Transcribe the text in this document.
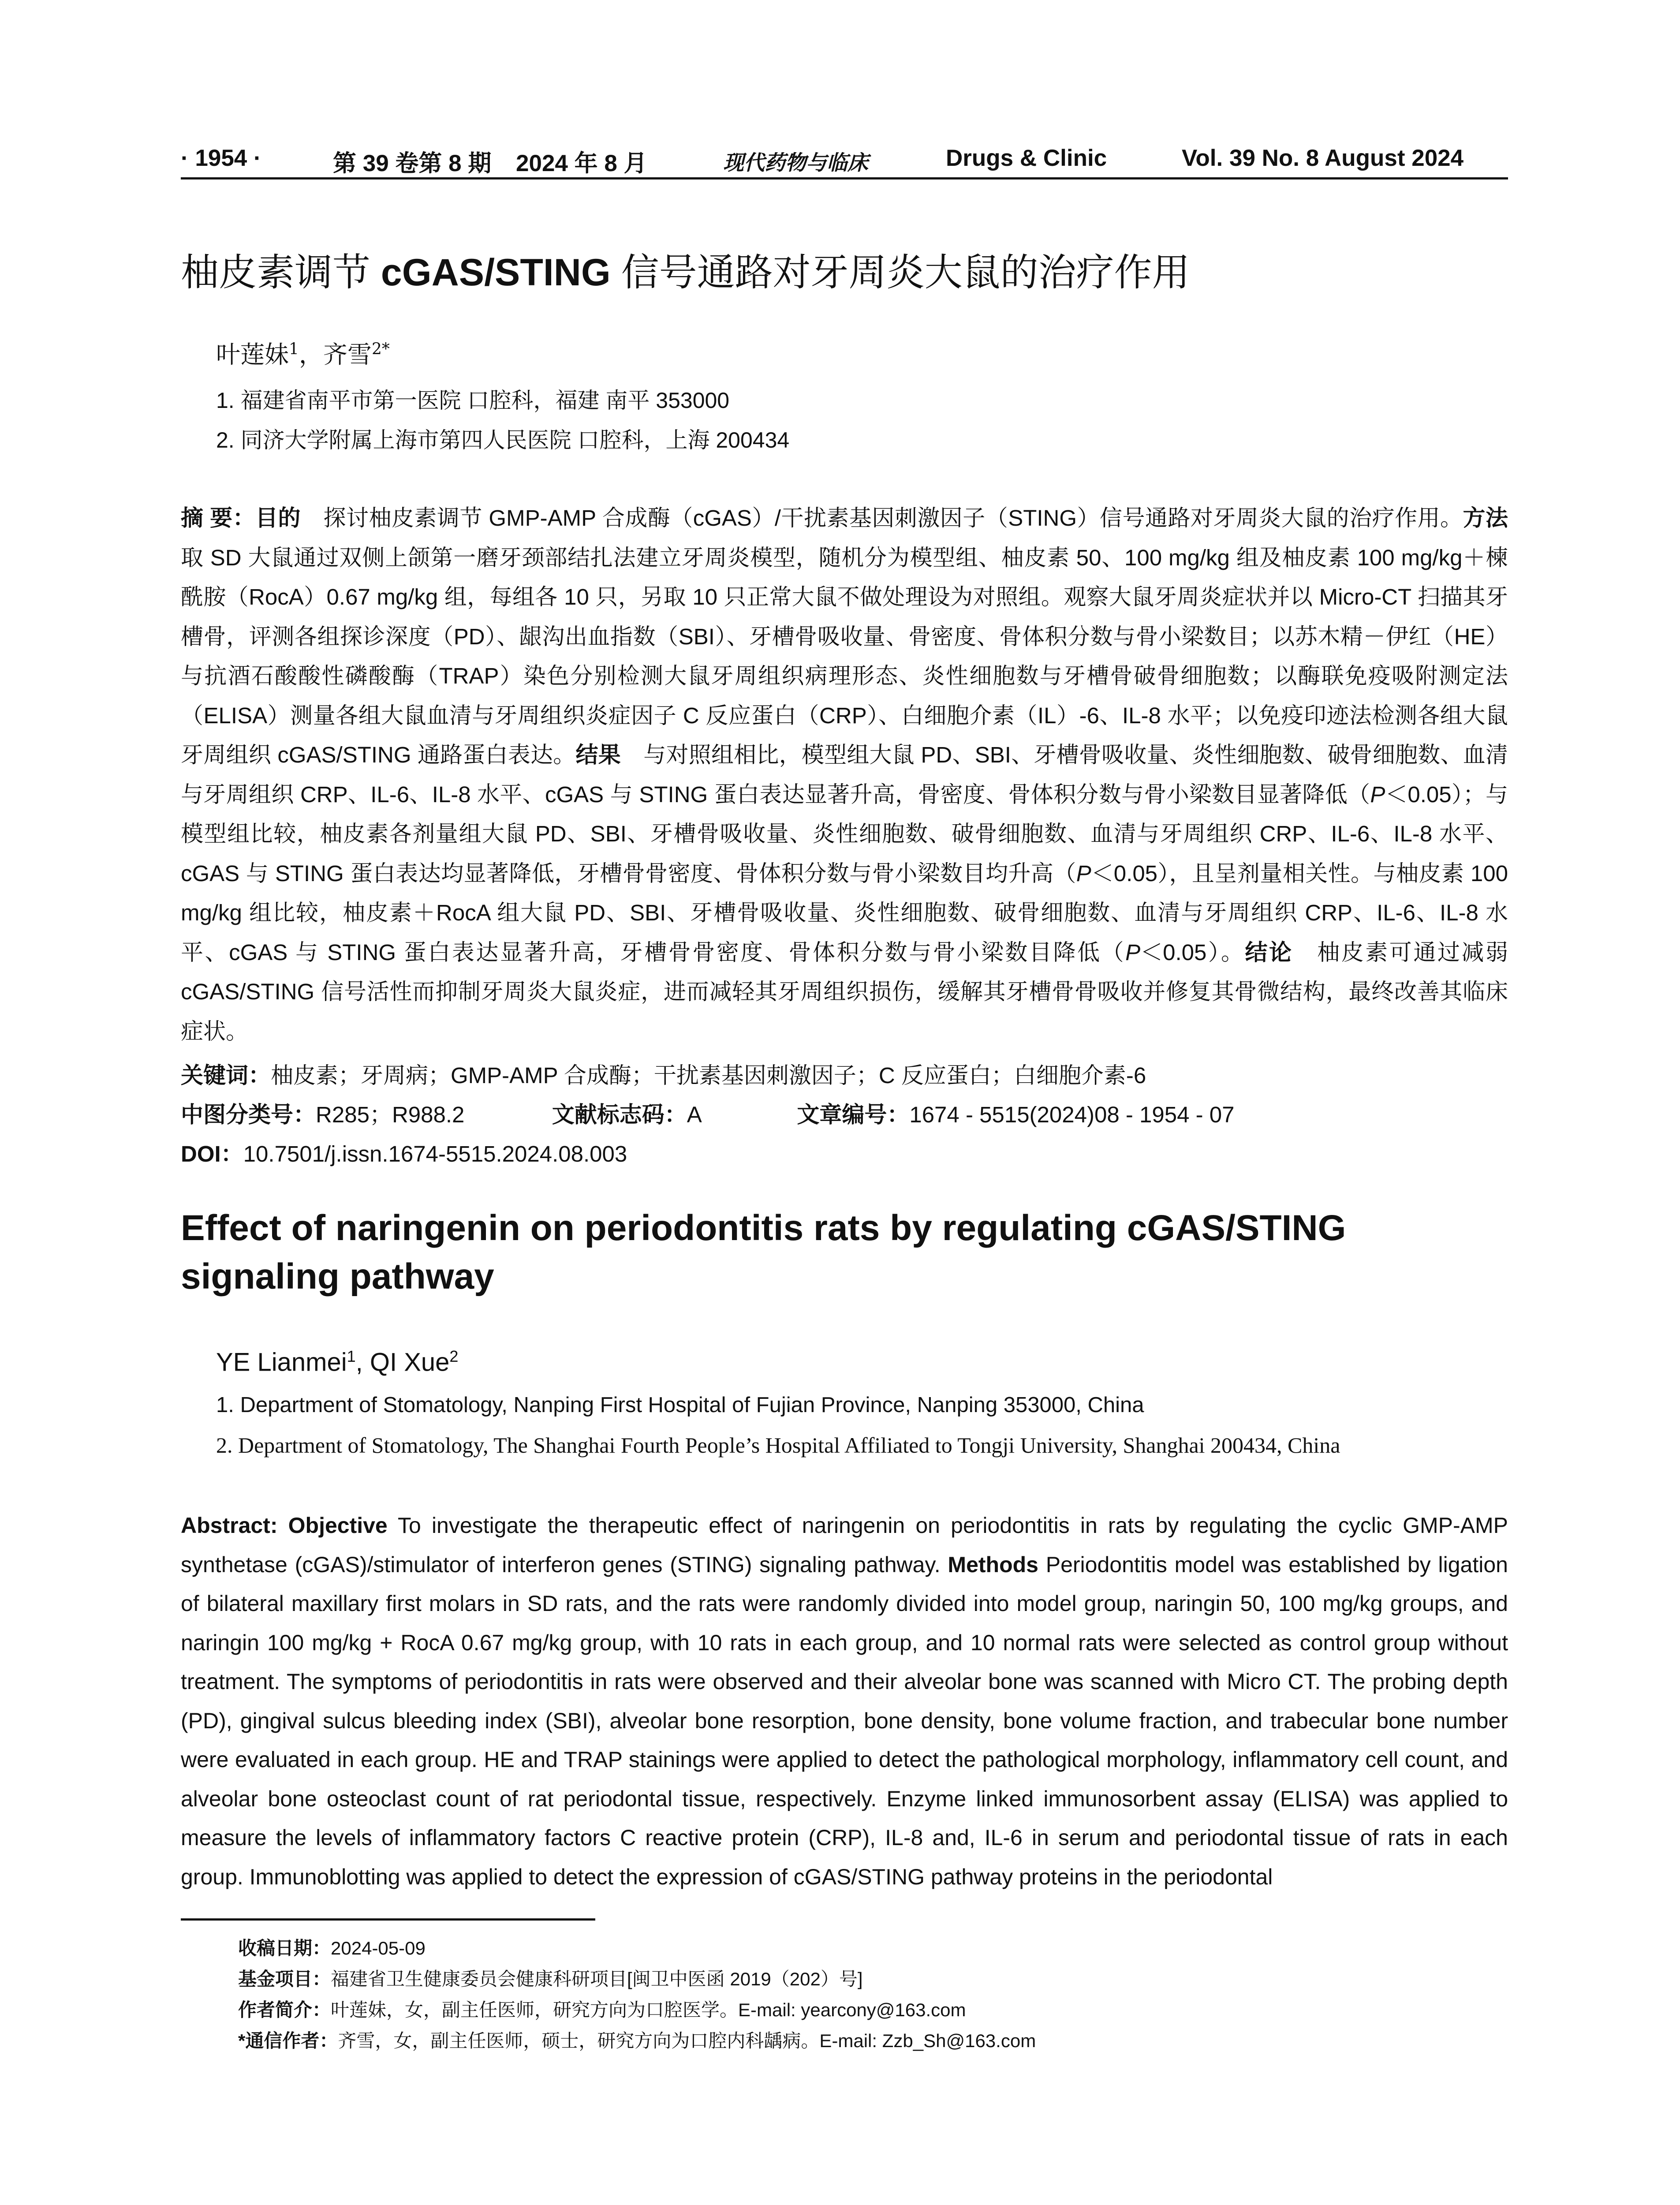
· 1954 ·	第 39 卷第 8 期 2024 年 8 月	现代药物与临床	Drugs & Clinic	Vol. 39 No. 8 August 2024
柚皮素调节 cGAS/STING 信号通路对牙周炎大鼠的治疗作用
叶莲妹$^1$，齐雪$^{2*}$
1. 福建省南平市第一医院 口腔科，福建 南平 353000
2. 同济大学附属上海市第四人民医院 口腔科，上海 200434
摘 要：目的　 探讨柚皮素调节 GMP-AMP 合成酶（cGAS）/干扰素基因刺激因子（STING）信号通路对牙周炎大鼠的治疗作用。方法　取 SD 大鼠通过双侧上颌第一磨牙颈部结扎法建立牙周炎模型，随机分为模型组、柚皮素 50、100 mg/kg 组及柚皮素 100 mg/kg＋楝酰胺（RocA）0.67 mg/kg 组，每组各 10 只，另取 10 只正常大鼠不做处理设为对照组。观察大鼠牙周炎症状并以 Micro-CT 扫描其牙槽骨，评测各组探诊深度（PD）、龈沟出血指数（SBI）、牙槽骨吸收量、骨密度、骨体积分数与骨小梁数目；以苏木精－伊红（HE）与抗酒石酸酸性磷酸酶（TRAP）染色分别检测大鼠牙周组织病理形态、炎性细胞数与牙槽骨破骨细胞数；以酶联免疫吸附测定法（ELISA）测量各组大鼠血清与牙周组织炎症因子 C 反应蛋白（CRP）、白细胞介素（IL）-6、IL-8 水平；以免疫印迹法检测各组大鼠牙周组织 cGAS/STING 通路蛋白表达。结果　 与对照组相比，模型组大鼠 PD、SBI、牙槽骨吸收量、炎性细胞数、破骨细胞数、血清与牙周组织 CRP、IL-6、IL-8 水平、cGAS 与 STING 蛋白表达显著升高，骨密度、骨体积分数与骨小梁数目显著降低（P＜0.05）；与模型组比较，柚皮素各剂量组大鼠 PD、SBI、牙槽骨吸收量、炎性细胞数、破骨细胞数、血清与牙周组织 CRP、IL-6、IL-8 水平、cGAS 与 STING 蛋白表达均显著降低，牙槽骨骨密度、骨体积分数与骨小梁数目均升高（P＜0.05），且呈剂量相关性。与柚皮素 100 mg/kg 组比较，柚皮素＋RocA 组大鼠 PD、SBI、牙槽骨吸收量、炎性细胞数、破骨细胞数、血清与牙周组织 CRP、IL-6、IL-8 水平、cGAS 与 STING 蛋白表达显著升高，牙槽骨骨密度、骨体积分数与骨小梁数目降低（P＜0.05）。结论　 柚皮素可通过减弱 cGAS/STING 信号活性而抑制牙周炎大鼠炎症，进而减轻其牙周组织损伤，缓解其牙槽骨骨吸收并修复其骨微结构，最终改善其临床症状。
关键词：柚皮素；牙周病；GMP-AMP 合成酶；干扰素基因刺激因子；C 反应蛋白；白细胞介素-6
中图分类号：R285；R988.2	文献标志码：A	文章编号：1674 - 5515(2024)08 - 1954 - 07
DOI：10.7501/j.issn.1674-5515.2024.08.003
Effect of naringenin on periodontitis rats by regulating cGAS/STING signaling pathway
YE Lianmei$^1$, QI Xue$^2$
1. Department of Stomatology, Nanping First Hospital of Fujian Province, Nanping 353000, China
2. Department of Stomatology, The Shanghai Fourth People’s Hospital Affiliated to Tongji University, Shanghai 200434, China
Abstract: Objective To investigate the therapeutic effect of naringenin on periodontitis in rats by regulating the cyclic GMP-AMP synthetase (cGAS)/stimulator of interferon genes (STING) signaling pathway. Methods Periodontitis model was established by ligation of bilateral maxillary first molars in SD rats, and the rats were randomly divided into model group, naringin 50, 100 mg/kg groups, and naringin 100 mg/kg + RocA 0.67 mg/kg group, with 10 rats in each group, and 10 normal rats were selected as control group without treatment. The symptoms of periodontitis in rats were observed and their alveolar bone was scanned with Micro CT. The probing depth (PD), gingival sulcus bleeding index (SBI), alveolar bone resorption, bone density, bone volume fraction, and trabecular bone number were evaluated in each group. HE and TRAP stainings were applied to detect the pathological morphology, inflammatory cell count, and alveolar bone osteoclast count of rat periodontal tissue, respectively. Enzyme linked immunosorbent assay (ELISA) was applied to measure the levels of inflammatory factors C reactive protein (CRP), IL-8 and, IL-6 in serum and periodontal tissue of rats in each group. Immunoblotting was applied to detect the expression of cGAS/STING pathway proteins in the periodontal
收稿日期：2024-05-09
基金项目：福建省卫生健康委员会健康科研项目[闽卫中医函 2019（202）号]
作者简介：叶莲妹，女，副主任医师，研究方向为口腔医学。E-mail: yearcony@163.com
*通信作者：齐雪，女，副主任医师，硕士，研究方向为口腔内科龋病。E-mail: Zzb_Sh@163.com
